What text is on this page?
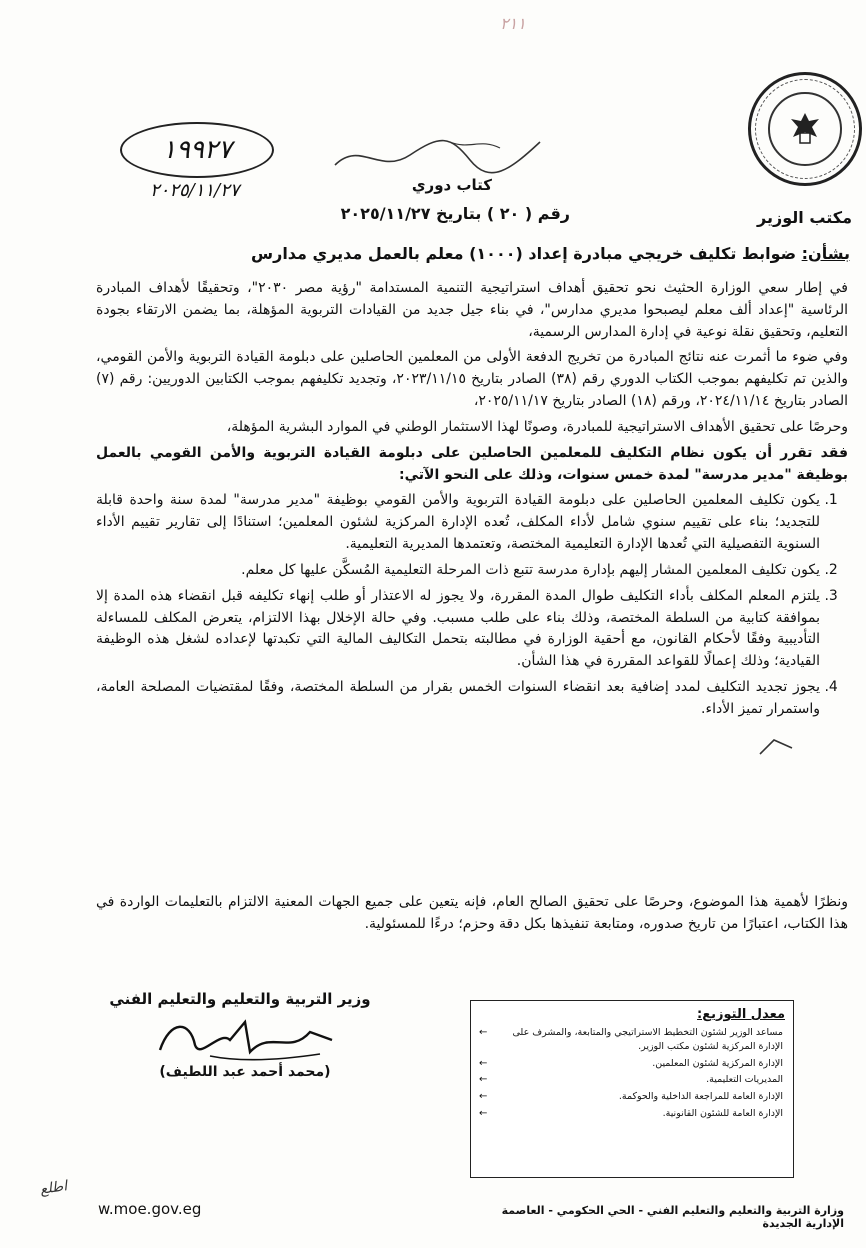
٢١١
مكتب الوزير
١٩٩٢٧
٢٠٢٥/١١/٢٧	كتاب دوري
رقم ( ٢٠ ) بتاريخ ٢٠٢٥/١١/٢٧
بشأن: ضوابط تكليف خريجي مبادرة إعداد (١٠٠٠) معلم بالعمل مديري مدارس

في إطار سعي الوزارة الحثيث نحو تحقيق أهداف استراتيجية التنمية المستدامة "رؤية مصر ٢٠٣٠"، وتحقيقًا لأهداف المبادرة الرئاسية "إعداد ألف معلم ليصبحوا مديري مدارس"، في بناء جيل جديد من القيادات التربوية المؤهلة، بما يضمن الارتقاء بجودة التعليم، وتحقيق نقلة نوعية في إدارة المدارس الرسمية،

وفي ضوء ما أثمرت عنه نتائج المبادرة من تخريج الدفعة الأولى من المعلمين الحاصلين على دبلومة القيادة التربوية والأمن القومي، والذين تم تكليفهم بموجب الكتاب الدوري رقم (٣٨) الصادر بتاريخ ٢٠٢٣/١١/١٥، وتجديد تكليفهم بموجب الكتابين الدوريين: رقم (٧) الصادر بتاريخ ٢٠٢٤/١١/١٤، ورقم (١٨) الصادر بتاريخ ٢٠٢٥/١١/١٧،

وحرصًا على تحقيق الأهداف الاستراتيجية للمبادرة، وصونًا لهذا الاستثمار الوطني في الموارد البشرية المؤهلة،

فقد تقرر أن يكون نظام التكليف للمعلمين الحاصلين على دبلومة القيادة التربوية والأمن القومي بالعمل بوظيفة "مدير مدرسة" لمدة خمس سنوات، وذلك على النحو الآتي:

1. يكون تكليف المعلمين الحاصلين على دبلومة القيادة التربوية والأمن القومي بوظيفة "مدير مدرسة" لمدة سنة واحدة قابلة للتجديد؛ بناء على تقييم سنوي شامل لأداء المكلف، تُعده الإدارة المركزية لشئون المعلمين؛ استنادًا إلى تقارير تقييم الأداء السنوية التفصيلية التي تُعدها الإدارة التعليمية المختصة، وتعتمدها المديرية التعليمية.
2. يكون تكليف المعلمين المشار إليهم بإدارة مدرسة تتبع ذات المرحلة التعليمية المُسكَّن عليها كل معلم.
3. يلتزم المعلم المكلف بأداء التكليف طوال المدة المقررة، ولا يجوز له الاعتذار أو طلب إنهاء تكليفه قبل انقضاء هذه المدة إلا بموافقة كتابية من السلطة المختصة، وذلك بناء على طلب مسبب. وفي حالة الإخلال بهذا الالتزام، يتعرض المكلف للمساءلة التأديبية وفقًا لأحكام القانون، مع أحقية الوزارة في مطالبته بتحمل التكاليف المالية التي تكبدتها لإعداده لشغل هذه الوظيفة القيادية؛ وذلك إعمالًا للقواعد المقررة في هذا الشأن.
4. يجوز تجديد التكليف لمدد إضافية بعد انقضاء السنوات الخمس بقرار من السلطة المختصة، وفقًا لمقتضيات المصلحة العامة، واستمرار تميز الأداء.

ونظرًا لأهمية هذا الموضوع، وحرصًا على تحقيق الصالح العام، فإنه يتعين على جميع الجهات المعنية الالتزام بالتعليمات الواردة في هذا الكتاب، اعتبارًا من تاريخ صدوره، ومتابعة تنفيذها بكل دقة وحزم؛ درءًا للمسئولية.

وزير التربية والتعليم والتعليم الفني
(محمد أحمد عبد اللطيف)
معدل التوزيع:
←	مساعد الوزير لشئون التخطيط الاستراتيجي والمتابعة، والمشرف على الإدارة المركزية لشئون مكتب الوزير.
←	الإدارة المركزية لشئون المعلمين.
←	المديريات التعليمية.
←	الإدارة العامة للمراجعة الداخلية والحوكمة.
←	الإدارة العامة للشئون القانونية.
اطلع
w.moe.gov.eg	وزارة التربية والتعليم والتعليم الفني - الحي الحكومي - العاصمة الإدارية الجديدة
